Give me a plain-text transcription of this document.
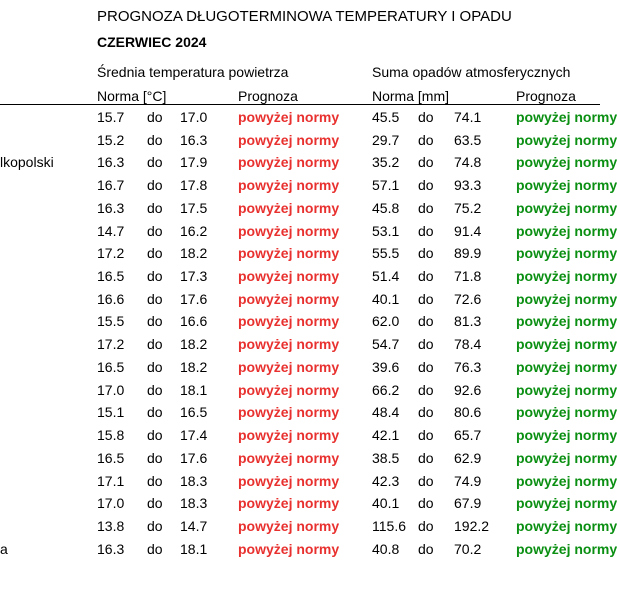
PROGNOZA DŁUGOTERMINOWA TEMPERATURY I OPADU
CZERWIEC 2024
Średnia temperatura powietrza	Suma opadów atmosferycznych
Norma [°C]	Prognoza	Norma [mm]	Prognoza
15.7 do 17.0 powyżej normy 45.5 do 74.1 powyżej normy
15.2 do 16.3 powyżej normy 29.7 do 63.5 powyżej normy
lkopolski	16.3 do 17.9 powyżej normy 35.2 do 74.8 powyżej normy
16.7 do 17.8 powyżej normy 57.1 do 93.3 powyżej normy
16.3 do 17.5 powyżej normy 45.8 do 75.2 powyżej normy
14.7 do 16.2 powyżej normy 53.1 do 91.4 powyżej normy
17.2 do 18.2 powyżej normy 55.5 do 89.9 powyżej normy
16.5 do 17.3 powyżej normy 51.4 do 71.8 powyżej normy
16.6 do 17.6 powyżej normy 40.1 do 72.6 powyżej normy
15.5 do 16.6 powyżej normy 62.0 do 81.3 powyżej normy
17.2 do 18.2 powyżej normy 54.7 do 78.4 powyżej normy
16.5 do 18.2 powyżej normy 39.6 do 76.3 powyżej normy
17.0 do 18.1 powyżej normy 66.2 do 92.6 powyżej normy
15.1 do 16.5 powyżej normy 48.4 do 80.6 powyżej normy
15.8 do 17.4 powyżej normy 42.1 do 65.7 powyżej normy
16.5 do 17.6 powyżej normy 38.5 do 62.9 powyżej normy
17.1 do 18.3 powyżej normy 42.3 do 74.9 powyżej normy
17.0 do 18.3 powyżej normy 40.1 do 67.9 powyżej normy
13.8 do 14.7 powyżej normy 115.6 do 192.2 powyżej normy
a	16.3 do 18.1 powyżej normy 40.8 do 70.2 powyżej normy
